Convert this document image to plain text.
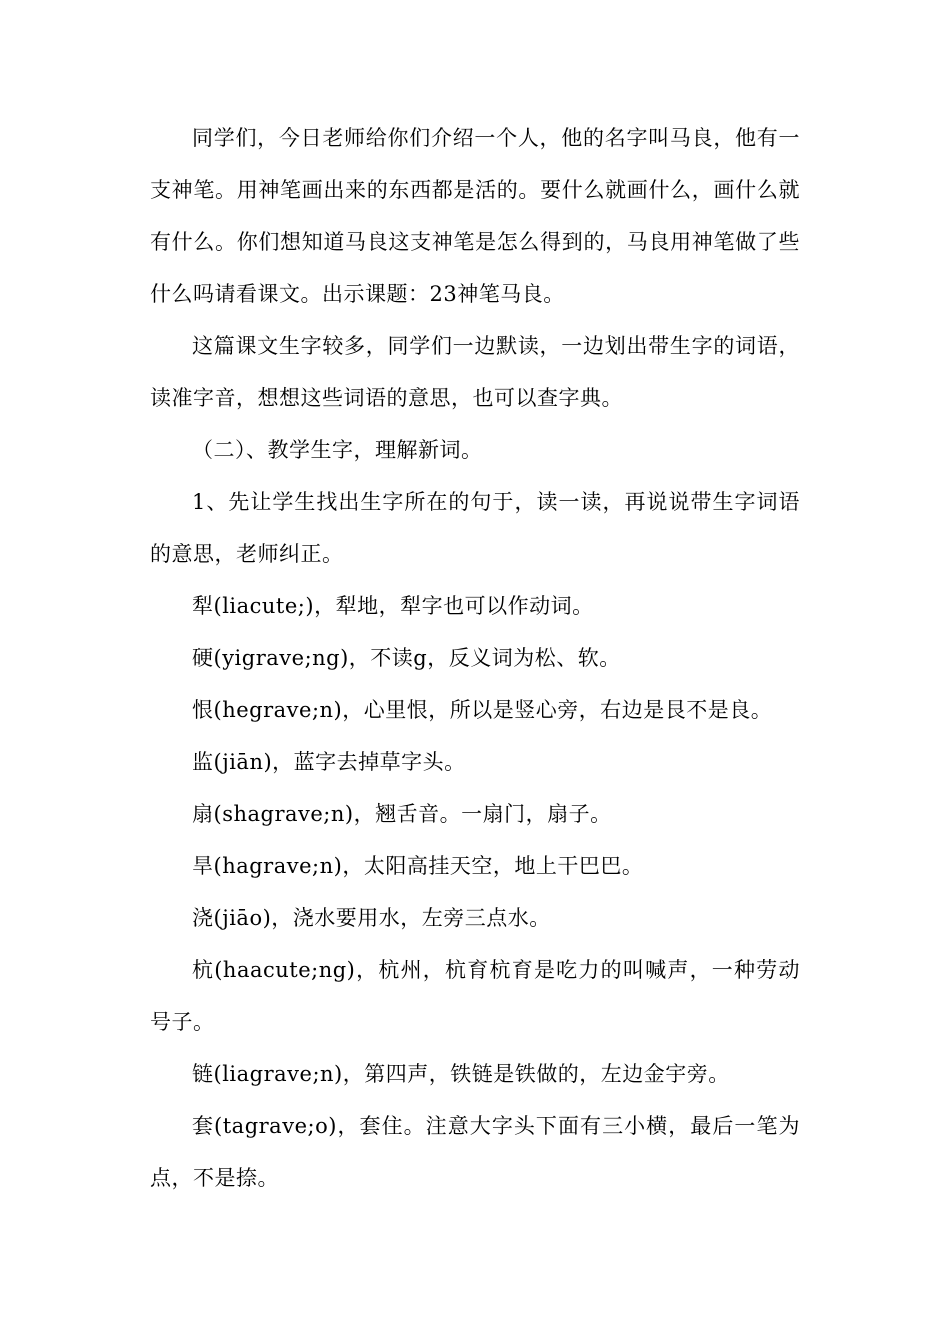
同学们，今日老师给你们介绍一个人，他的名字叫马良，他有一支神笔。用神笔画出来的东西都是活的。要什么就画什么，画什么就有什么。你们想知道马良这支神笔是怎么得到的，马良用神笔做了些什么吗请看课文。出示课题：23神笔马良。

这篇课文生字较多，同学们一边默读，一边划出带生字的词语，读准字音，想想这些词语的意思，也可以查字典。

（二）、教学生字，理解新词。

1、先让学生找出生字所在的句于，读一读，再说说带生字词语的意思，老师纠正。

犁(liacute;)，犁地，犁字也可以作动词。

硬(yigrave;ng)，不读g，反义词为松、软。

恨(hegrave;n)，心里恨，所以是竖心旁，右边是艮不是良。

监(jiān)，蓝字去掉草字头。

扇(shagrave;n)，翘舌音。一扇门，扇子。

旱(hagrave;n)，太阳高挂天空，地上干巴巴。

浇(jiāo)，浇水要用水，左旁三点水。

杭(haacute;ng)，杭州，杭育杭育是吃力的叫喊声，一种劳动号子。

链(liagrave;n)，第四声，铁链是铁做的，左边金宇旁。

套(tagrave;o)，套住。注意大字头下面有三小横，最后一笔为点，不是捺。
